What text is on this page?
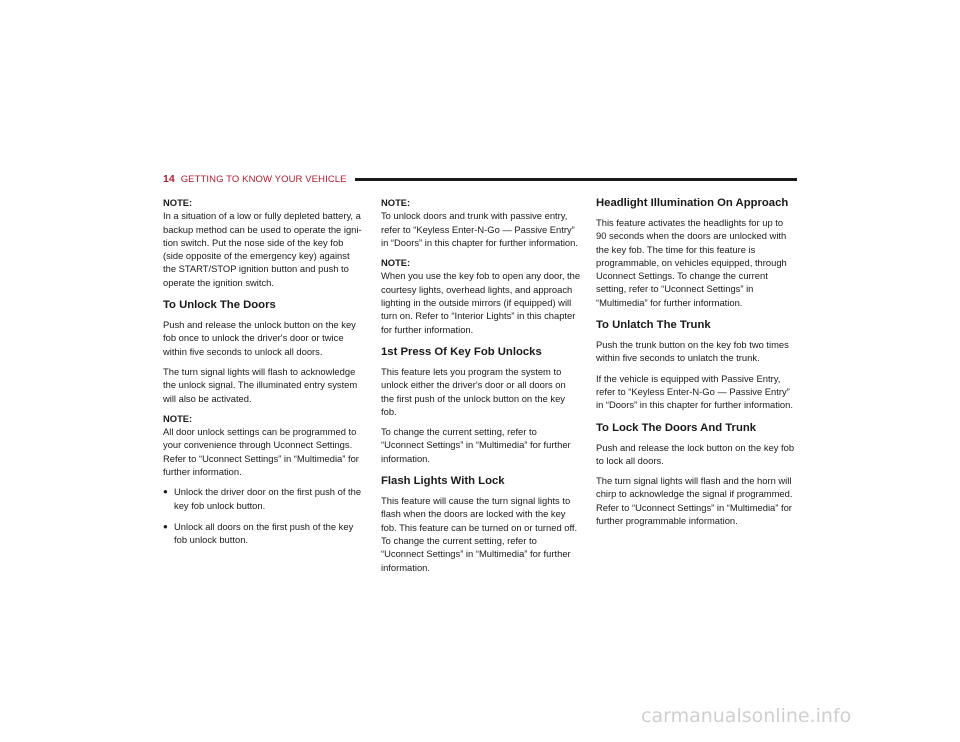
14 GETTING TO KNOW YOUR VEHICLE

NOTE:
In a situation of a low or fully depleted battery, a backup method can be used to operate the igni-tion switch. Put the nose side of the key fob (side opposite of the emergency key) against the START/STOP ignition button and push to operate the ignition switch.

To Unlock The Doors

Push and release the unlock button on the key fob once to unlock the driver's door or twice within five seconds to unlock all doors.

The turn signal lights will flash to acknowledge the unlock signal. The illuminated entry system will also be activated.

NOTE:
All door unlock settings can be programmed to your convenience through Uconnect Settings. Refer to “Uconnect Settings” in “Multimedia” for further information.

● Unlock the driver door on the first push of the key fob unlock button.
● Unlock all doors on the first push of the key fob unlock button.

NOTE:
To unlock doors and trunk with passive entry, refer to “Keyless Enter-N-Go — Passive Entry” in “Doors” in this chapter for further information.

NOTE:
When you use the key fob to open any door, the courtesy lights, overhead lights, and approach lighting in the outside mirrors (if equipped) will turn on. Refer to “Interior Lights” in this chapter for further information.

1st Press Of Key Fob Unlocks

This feature lets you program the system to unlock either the driver's door or all doors on the first push of the unlock button on the key fob.

To change the current setting, refer to “Uconnect Settings” in “Multimedia” for further information.

Flash Lights With Lock

This feature will cause the turn signal lights to flash when the doors are locked with the key fob. This feature can be turned on or turned off. To change the current setting, refer to “Uconnect Settings” in “Multimedia” for further information.

Headlight Illumination On Approach

This feature activates the headlights for up to 90 seconds when the doors are unlocked with the key fob. The time for this feature is programmable, on vehicles equipped, through Uconnect Settings. To change the current setting, refer to “Uconnect Settings” in “Multimedia” for further information.

To Unlatch The Trunk

Push the trunk button on the key fob two times within five seconds to unlatch the trunk.

If the vehicle is equipped with Passive Entry, refer to “Keyless Enter-N-Go — Passive Entry” in “Doors” in this chapter for further information.

To Lock The Doors And Trunk

Push and release the lock button on the key fob to lock all doors.

The turn signal lights will flash and the horn will chirp to acknowledge the signal if programmed. Refer to “Uconnect Settings” in “Multimedia” for further programmable information.

carmanualsonline.info
